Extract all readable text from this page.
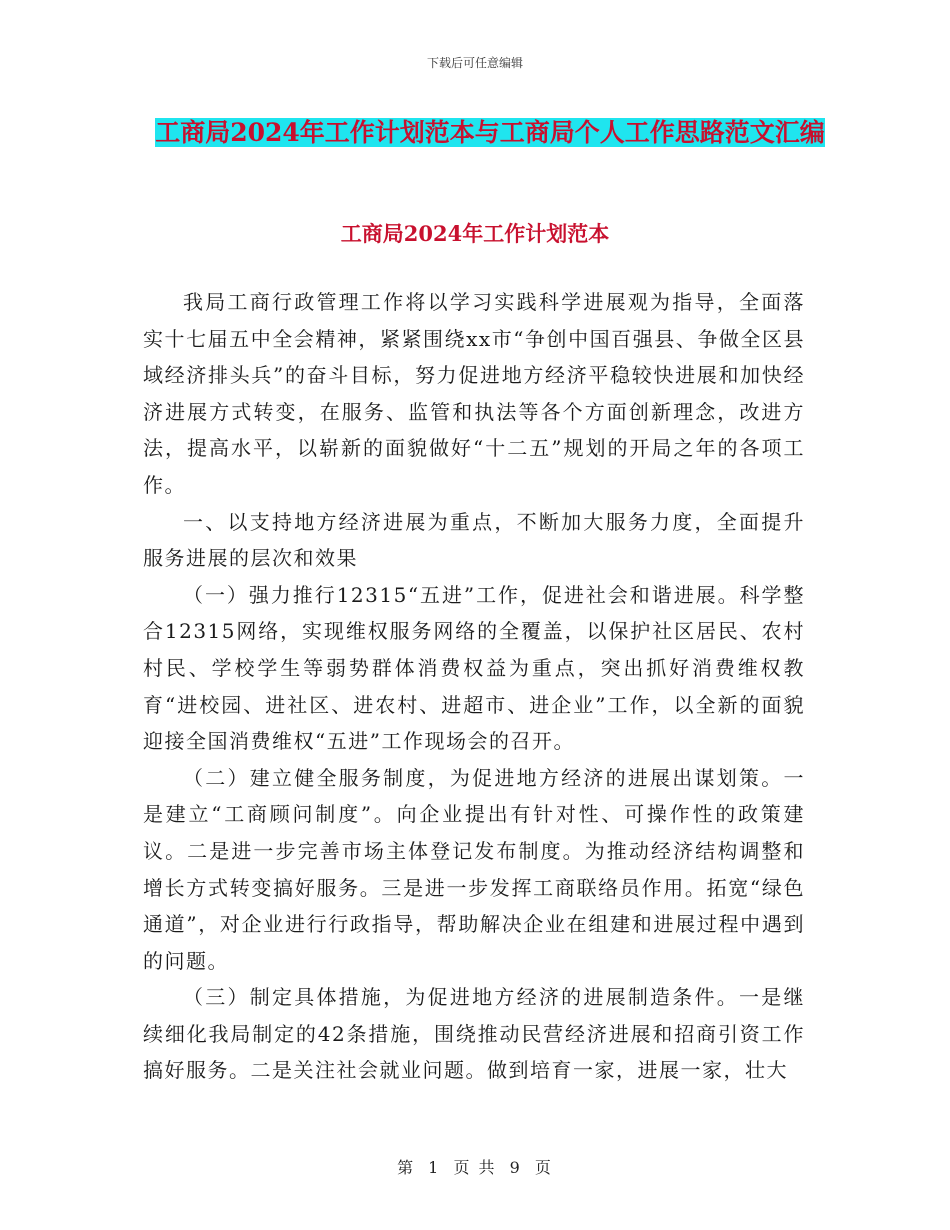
下载后可任意编辑
工商局2024年工作计划范本与工商局个人工作思路范文汇编
工商局2024年工作计划范本

我局工商行政管理工作将以学习实践科学进展观为指导，全面落实十七届五中全会精神，紧紧围绕xx市“争创中国百强县、争做全区县域经济排头兵”的奋斗目标，努力促进地方经济平稳较快进展和加快经济进展方式转变，在服务、监管和执法等各个方面创新理念，改进方法，提高水平，以崭新的面貌做好“十二五”规划的开局之年的各项工作。

一、以支持地方经济进展为重点，不断加大服务力度，全面提升服务进展的层次和效果

（一）强力推行12315“五进”工作，促进社会和谐进展。科学整合12315网络，实现维权服务网络的全覆盖，以保护社区居民、农村村民、学校学生等弱势群体消费权益为重点，突出抓好消费维权教育“进校园、进社区、进农村、进超市、进企业”工作，以全新的面貌迎接全国消费维权“五进”工作现场会的召开。

（二）建立健全服务制度，为促进地方经济的进展出谋划策。一是建立“工商顾问制度”。向企业提出有针对性、可操作性的政策建议。二是进一步完善市场主体登记发布制度。为推动经济结构调整和增长方式转变搞好服务。三是进一步发挥工商联络员作用。拓宽“绿色通道”，对企业进行行政指导，帮助解决企业在组建和进展过程中遇到的问题。

（三）制定具体措施，为促进地方经济的进展制造条件。一是继续细化我局制定的42条措施，围绕推动民营经济进展和招商引资工作搞好服务。二是关注社会就业问题。做到培育一家，进展一家，壮大

第 1 页 共 9 页
